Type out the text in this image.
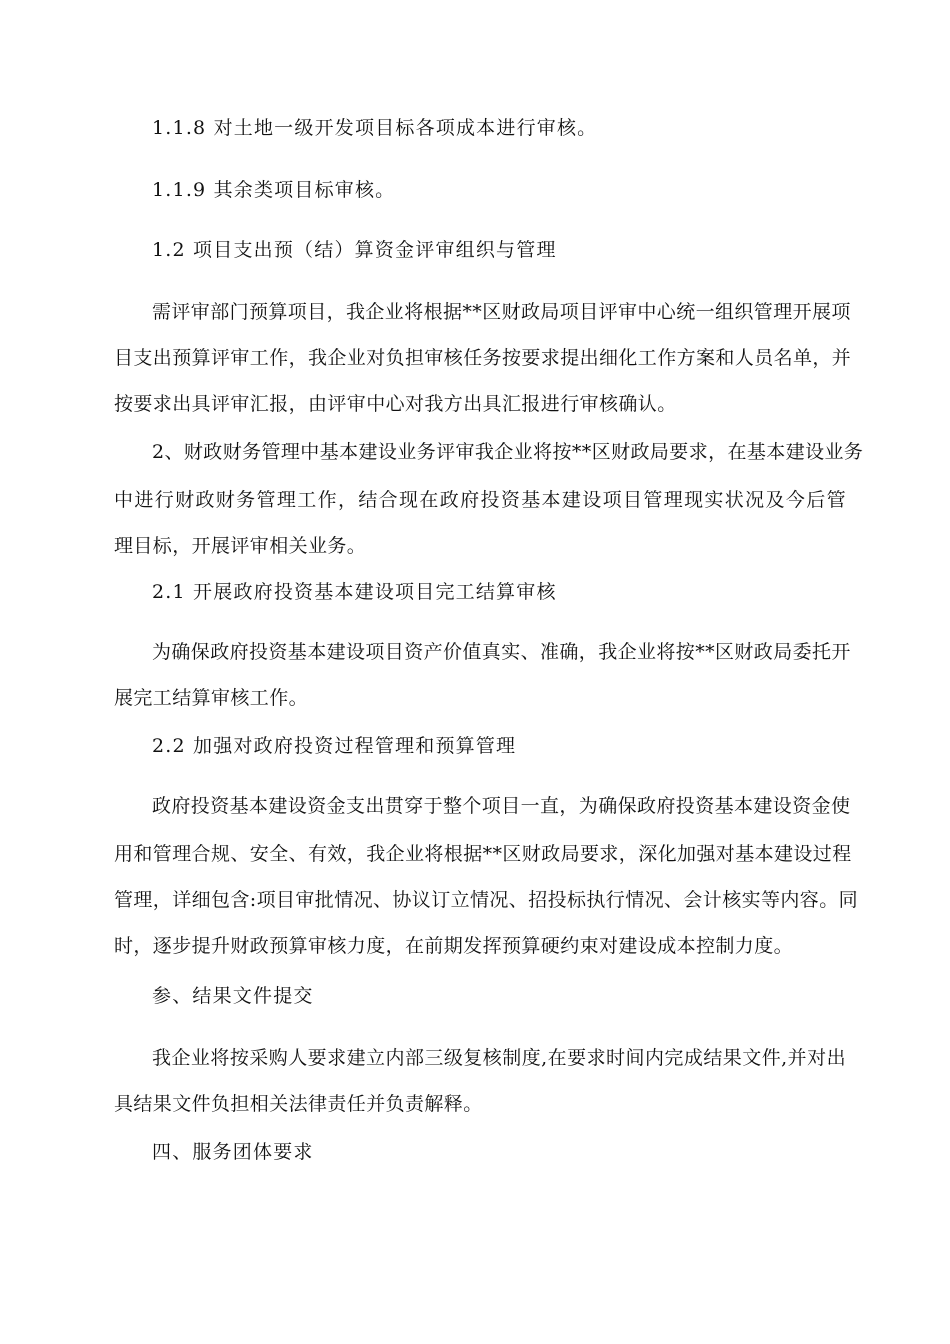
1.1.8 对土地一级开发项目标各项成本进行审核。
1.1.9 其余类项目标审核。
1.2 项目支出预（结）算资金评审组织与管理
需评审部门预算项目，我企业将根据**区财政局项目评审中心统一组织管理开展项
目支出预算评审工作，我企业对负担审核任务按要求提出细化工作方案和人员名单，并
按要求出具评审汇报，由评审中心对我方出具汇报进行审核确认。
2、财政财务管理中基本建设业务评审我企业将按**区财政局要求，在基本建设业务
中进行财政财务管理工作，结合现在政府投资基本建设项目管理现实状况及今后管
理目标，开展评审相关业务。
2.1 开展政府投资基本建设项目完工结算审核
为确保政府投资基本建设项目资产价值真实、准确，我企业将按**区财政局委托开
展完工结算审核工作。
2.2 加强对政府投资过程管理和预算管理
政府投资基本建设资金支出贯穿于整个项目一直，为确保政府投资基本建设资金使
用和管理合规、安全、有效，我企业将根据**区财政局要求，深化加强对基本建设过程
管理，详细包含:项目审批情况、协议订立情况、招投标执行情况、会计核实等内容。同
时，逐步提升财政预算审核力度，在前期发挥预算硬约束对建设成本控制力度。
参、结果文件提交
我企业将按采购人要求建立内部三级复核制度,在要求时间内完成结果文件,并对出
具结果文件负担相关法律责任并负责解释。
四、服务团体要求
